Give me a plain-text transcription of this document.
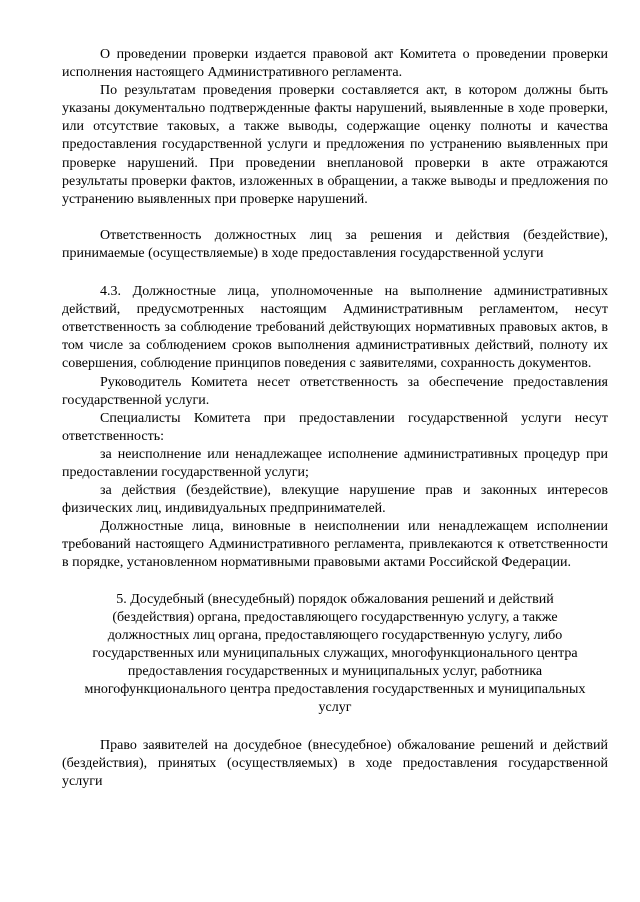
О проведении проверки издается правовой акт Комитета о проведении проверки исполнения настоящего Административного регламента.

По результатам проведения проверки составляется акт, в котором должны быть указаны документально подтвержденные факты нарушений, выявленные в ходе проверки, или отсутствие таковых, а также выводы, содержащие оценку полноты и качества предоставления государственной услуги и предложения по устранению выявленных при проверке нарушений. При проведении внеплановой проверки в акте отражаются результаты проверки фактов, изложенных в обращении, а также выводы и предложения по устранению выявленных при проверке нарушений.

Ответственность должностных лиц за решения и действия (бездействие), принимаемые (осуществляемые) в ходе предоставления государственной услуги

4.3. Должностные лица, уполномоченные на выполнение административных действий, предусмотренных настоящим Административным регламентом, несут ответственность за соблюдение требований действующих нормативных правовых актов, в том числе за соблюдением сроков выполнения административных действий, полноту их совершения, соблюдение принципов поведения с заявителями, сохранность документов.

Руководитель Комитета несет ответственность за обеспечение предоставления государственной услуги.

Специалисты Комитета при предоставлении государственной услуги несут ответственность:

за неисполнение или ненадлежащее исполнение административных процедур при предоставлении государственной услуги;

за действия (бездействие), влекущие нарушение прав и законных интересов физических лиц, индивидуальных предпринимателей.

Должностные лица, виновные в неисполнении или ненадлежащем исполнении требований настоящего Административного регламента, привлекаются к ответственности в порядке, установленном нормативными правовыми актами Российской Федерации.

5. Досудебный (внесудебный) порядок обжалования решений и действий

(бездействия) органа, предоставляющего государственную услугу, а также

должностных лиц органа, предоставляющего государственную услугу, либо

государственных или муниципальных служащих, многофункционального центра

предоставления государственных и муниципальных услуг, работника

многофункционального центра предоставления государственных и муниципальных

услуг

Право заявителей на досудебное (внесудебное) обжалование решений и действий (бездействия), принятых (осуществляемых) в ходе предоставления государственной услуги
